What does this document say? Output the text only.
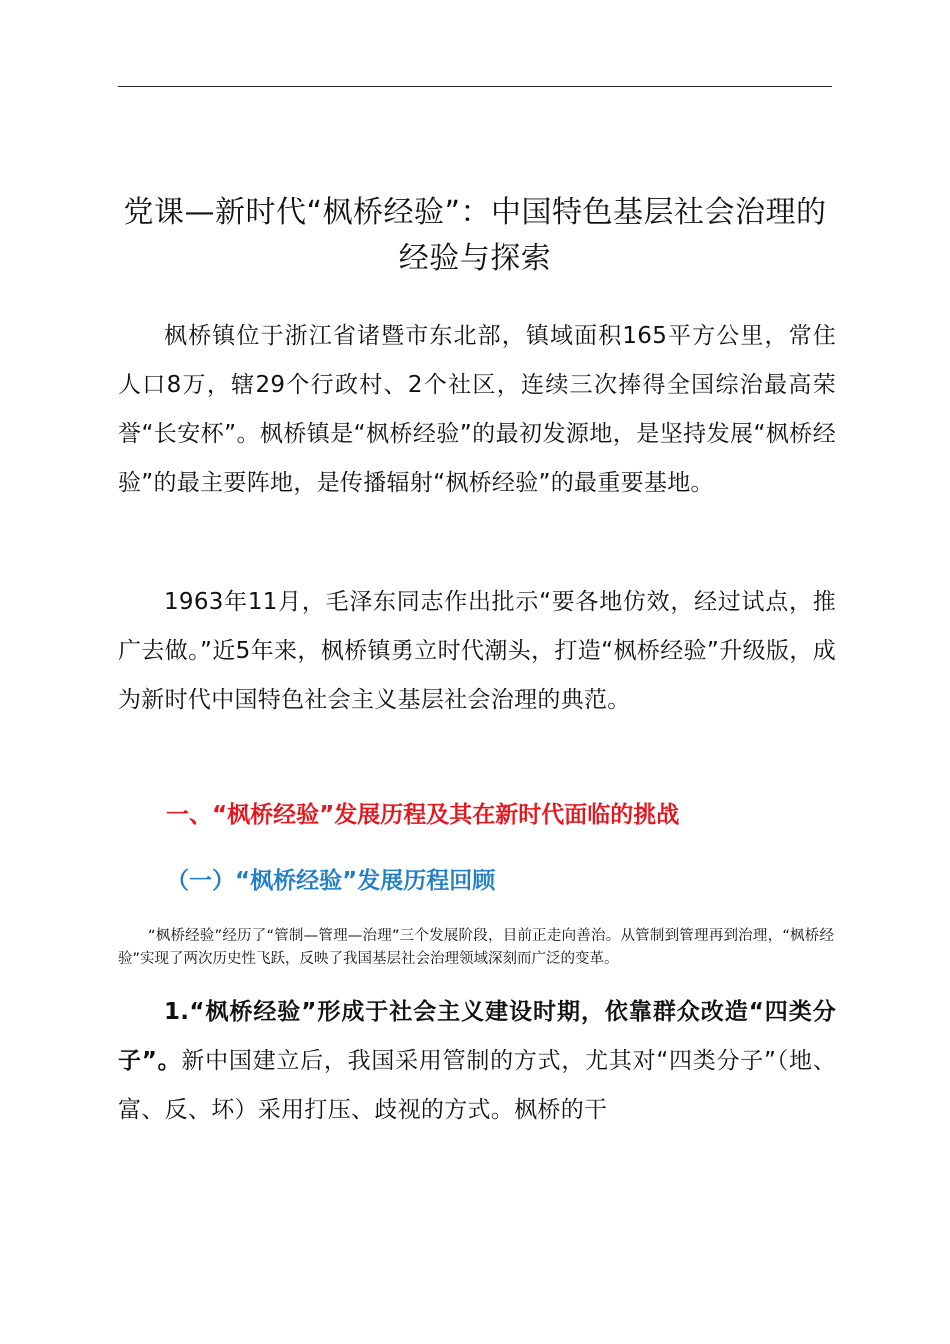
党课—新时代“枫桥经验”：中国特色基层社会治理的经验与探索

枫桥镇位于浙江省诸暨市东北部，镇域面积165平方公里，常住人口8万，辖29个行政村、2个社区，连续三次捧得全国综治最高荣誉“长安杯”。枫桥镇是“枫桥经验”的最初发源地，是坚持发展“枫桥经验”的最主要阵地，是传播辐射“枫桥经验”的最重要基地。

1963年11月，毛泽东同志作出批示“要各地仿效，经过试点，推广去做。”近5年来，枫桥镇勇立时代潮头，打造“枫桥经验”升级版，成为新时代中国特色社会主义基层社会治理的典范。

一、“枫桥经验”发展历程及其在新时代面临的挑战
（一）“枫桥经验”发展历程回顾

“枫桥经验”经历了“管制—管理—治理”三个发展阶段，目前正走向善治。从管制到管理再到治理，“枫桥经验”实现了两次历史性飞跃，反映了我国基层社会治理领域深刻而广泛的变革。

1.“枫桥经验”形成于社会主义建设时期，依靠群众改造“四类分子”。新中国建立后，我国采用管制的方式，尤其对“四类分子”（地、富、反、坏）采用打压、歧视的方式。枫桥的干
